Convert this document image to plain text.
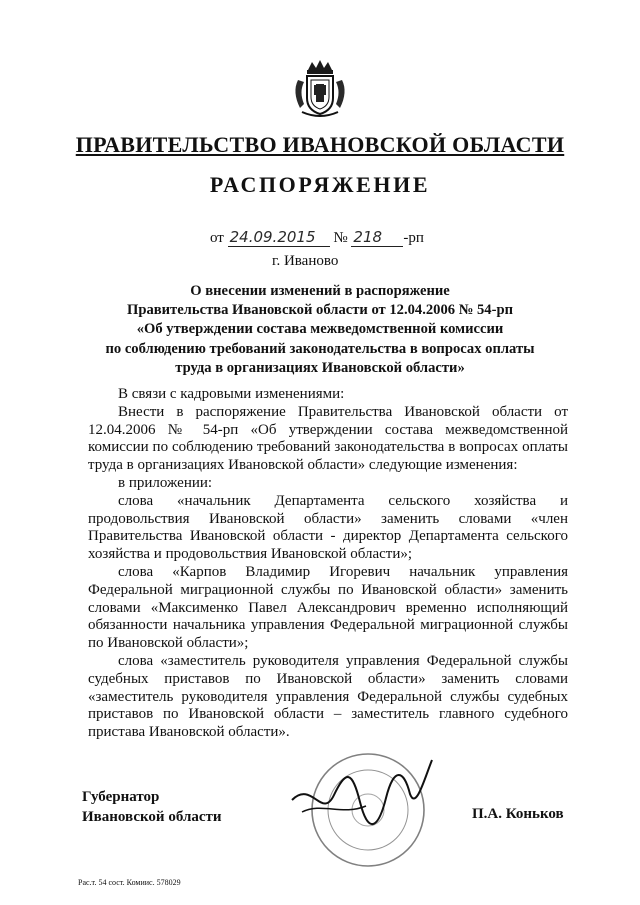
ПРАВИТЕЛЬСТВО ИВАНОВСКОЙ ОБЛАСТИ
РАСПОРЯЖЕНИЕ
от 24.09.2015 № 218 -рп
г. Иваново
О внесении изменений в распоряжение
Правительства Ивановской области от 12.04.2006 № 54-рп
«Об утверждении состава межведомственной комиссии
по соблюдению требований законодательства в вопросах оплаты
труда в организациях Ивановской области»

В связи с кадровыми изменениями:

Внести в распоряжение Правительства Ивановской области от 12.04.2006 № 54-рп «Об утверждении состава межведомственной комиссии по соблюдению требований законодательства в вопросах оплаты труда в организациях Ивановской области» следующие изменения:

в приложении:

слова «начальник Департамента сельского хозяйства и продовольствия Ивановской области» заменить словами «член Правительства Ивановской области - директор Департамента сельского хозяйства и продовольствия Ивановской области»;

слова «Карпов Владимир Игоревич начальник управления Федеральной миграционной службы по Ивановской области» заменить словами «Максименко Павел Александрович временно исполняющий обязанности начальника управления Федеральной миграционной службы по Ивановской области»;

слова «заместитель руководителя управления Федеральной службы судебных приставов по Ивановской области» заменить словами «заместитель руководителя управления Федеральной службы судебных приставов по Ивановской области – заместитель главного судебного пристава Ивановской области».

Губернатор
Ивановской области	П.А. Коньков
Рас.т. 54 сост. Комиис. 578029
